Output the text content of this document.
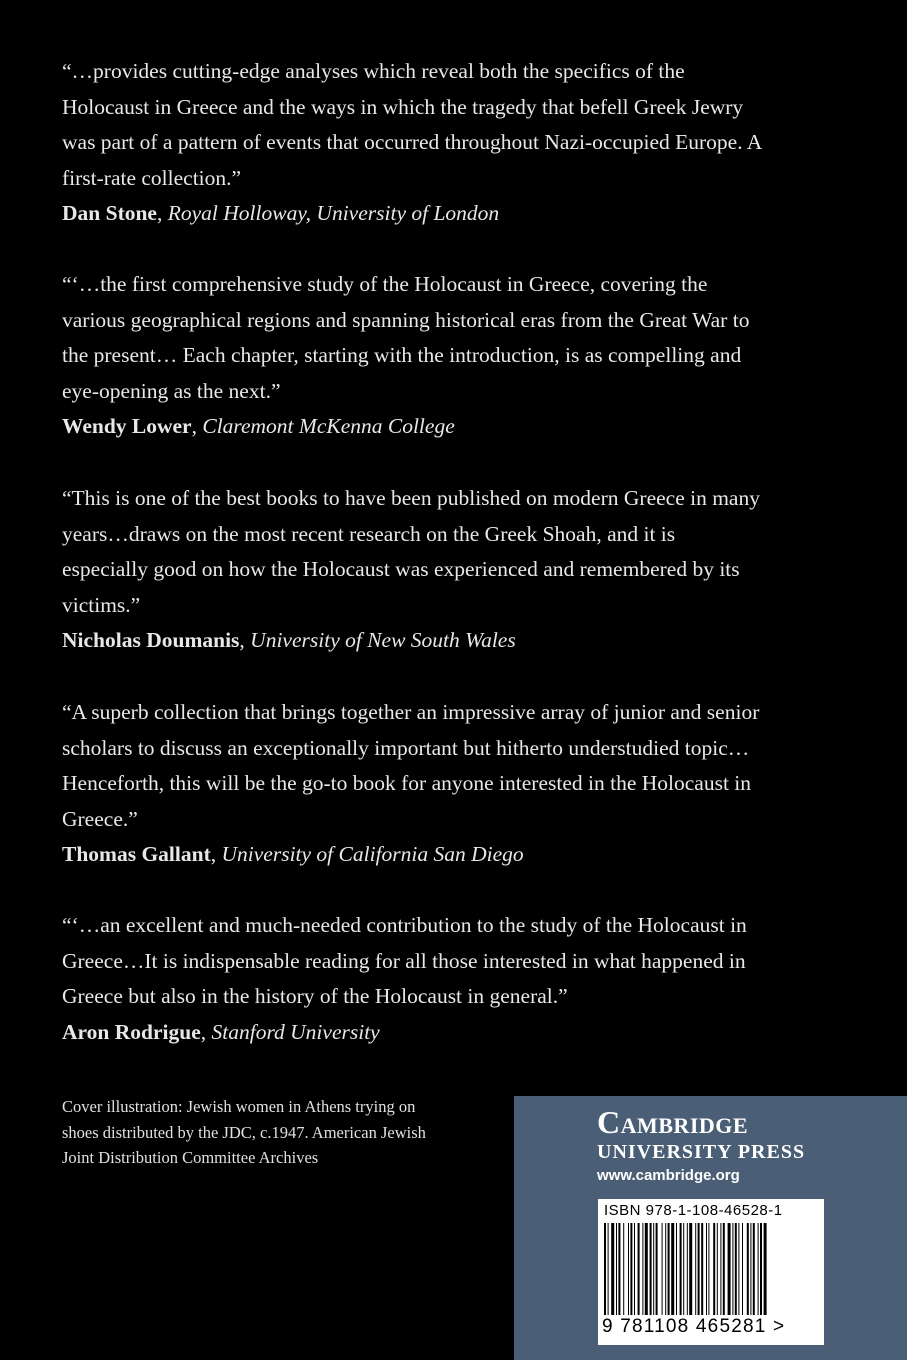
“…provides cutting-edge analyses which reveal both the specifics of the Holocaust in Greece and the ways in which the tragedy that befell Greek Jewry was part of a pattern of events that occurred throughout Nazi-occupied Europe. A first-rate collection.”

Dan Stone, Royal Holloway, University of London

“‘…the first comprehensive study of the Holocaust in Greece, covering the various geographical regions and spanning historical eras from the Great War to the present… Each chapter, starting with the introduction, is as compelling and eye-opening as the next.”

Wendy Lower, Claremont McKenna College

“This is one of the best books to have been published on modern Greece in many years…draws on the most recent research on the Greek Shoah, and it is especially good on how the Holocaust was experienced and remembered by its victims.”

Nicholas Doumanis, University of New South Wales

“A superb collection that brings together an impressive array of junior and senior scholars to discuss an exceptionally important but hitherto understudied topic…Henceforth, this will be the go-to book for anyone interested in the Holocaust in Greece.”

Thomas Gallant, University of California San Diego

“‘…an excellent and much-needed contribution to the study of the Holocaust in Greece…It is indispensable reading for all those interested in what happened in Greece but also in the history of the Holocaust in general.”

Aron Rodrigue, Stanford University

Cover illustration: Jewish women in Athens trying on shoes distributed by the JDC, c.1947. American Jewish Joint Distribution Committee Archives
Cambridge
UNIVERSITY PRESS
www.cambridge.org
ISBN 978-1-108-46528-1
9 781108 465281 >
